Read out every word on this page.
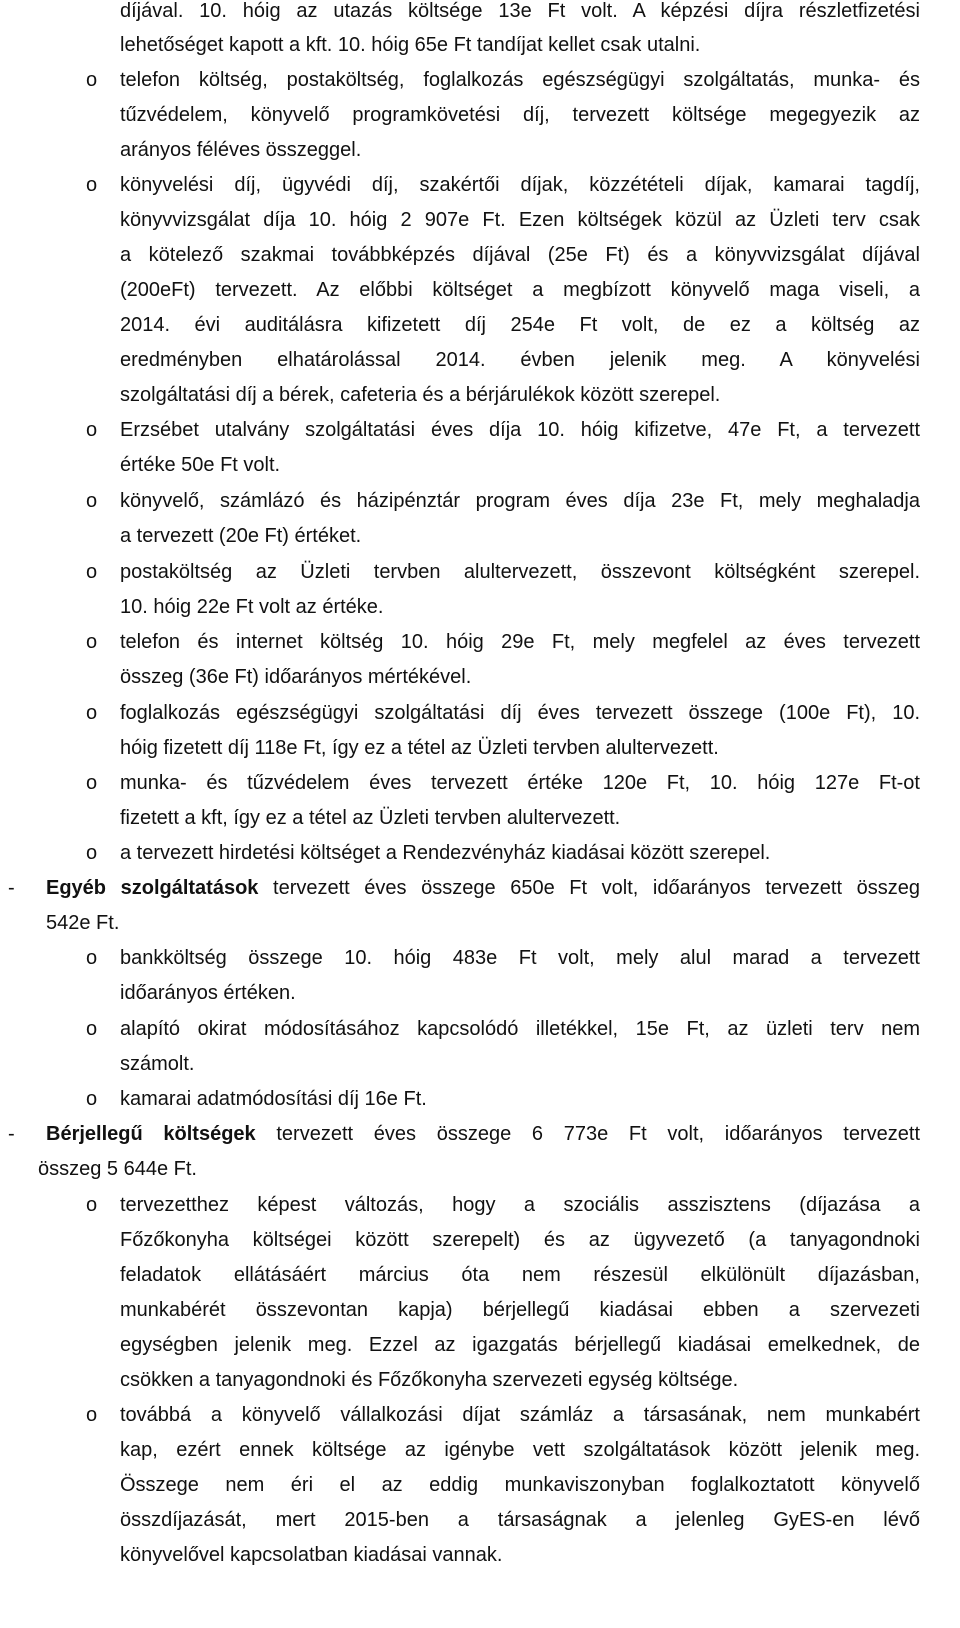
díjával. 10. hóig az utazás költsége 13e Ft volt. A képzési díjra részletfizetési
lehetőséget kapott a kft. 10. hóig 65e Ft tandíjat kellet csak utalni.
o	telefon költség, postaköltség, foglalkozás egészségügyi szolgáltatás, munka- és
tűzvédelem, könyvelő programkövetési díj, tervezett költsége megegyezik az
arányos féléves összeggel.
o	könyvelési díj, ügyvédi díj, szakértői díjak, közzétételi díjak, kamarai tagdíj,
könyvvizsgálat díja 10. hóig 2 907e Ft. Ezen költségek közül az Üzleti terv csak
a kötelező szakmai továbbképzés díjával (25e Ft) és a könyvvizsgálat díjával
(200eFt) tervezett. Az előbbi költséget a megbízott könyvelő maga viseli, a
2014. évi auditálásra kifizetett díj 254e Ft volt, de ez a költség az
eredményben elhatárolással 2014. évben jelenik meg. A könyvelési
szolgáltatási díj a bérek, cafeteria és a bérjárulékok között szerepel.
o	Erzsébet utalvány szolgáltatási éves díja 10. hóig kifizetve, 47e Ft, a tervezett
értéke 50e Ft volt.
o	könyvelő, számlázó és házipénztár program éves díja 23e Ft, mely meghaladja
a tervezett (20e Ft) értéket.
o	postaköltség az Üzleti tervben alultervezett, összevont költségként szerepel.
10. hóig 22e Ft volt az értéke.
o	telefon és internet költség 10. hóig 29e Ft, mely megfelel az éves tervezett
összeg (36e Ft) időarányos mértékével.
o	foglalkozás egészségügyi szolgáltatási díj éves tervezett összege (100e Ft), 10.
hóig fizetett díj 118e Ft, így ez a tétel az Üzleti tervben alultervezett.
o	munka- és tűzvédelem éves tervezett értéke 120e Ft, 10. hóig 127e Ft-ot
fizetett a kft, így ez a tétel az Üzleti tervben alultervezett.
o	a tervezett hirdetési költséget a Rendezvényház kiadásai között szerepel.
-	Egyéb szolgáltatások tervezett éves összege 650e Ft volt, időarányos tervezett összeg
542e Ft.
o	bankköltség összege 10. hóig 483e Ft volt, mely alul marad a tervezett
időarányos értéken.
o	alapító okirat módosításához kapcsolódó illetékkel, 15e Ft, az üzleti terv nem
számolt.
o	kamarai adatmódosítási díj 16e Ft.
-	Bérjellegű költségek tervezett éves összege 6 773e Ft volt, időarányos tervezett
összeg 5 644e Ft.
o	tervezetthez képest változás, hogy a szociális asszisztens (díjazása a
Főzőkonyha költségei között szerepelt) és az ügyvezető (a tanyagondnoki
feladatok ellátásáért március óta nem részesül elkülönült díjazásban,
munkabérét összevontan kapja) bérjellegű kiadásai ebben a szervezeti
egységben jelenik meg. Ezzel az igazgatás bérjellegű kiadásai emelkednek, de
csökken a tanyagondnoki és Főzőkonyha szervezeti egység költsége.
o	továbbá a könyvelő vállalkozási díjat számláz a társasának, nem munkabért
kap, ezért ennek költsége az igénybe vett szolgáltatások között jelenik meg.
Összege nem éri el az eddig munkaviszonyban foglalkoztatott könyvelő
összdíjazását, mert 2015-ben a társaságnak a jelenleg GyES-en lévő
könyvelővel kapcsolatban kiadásai vannak.
